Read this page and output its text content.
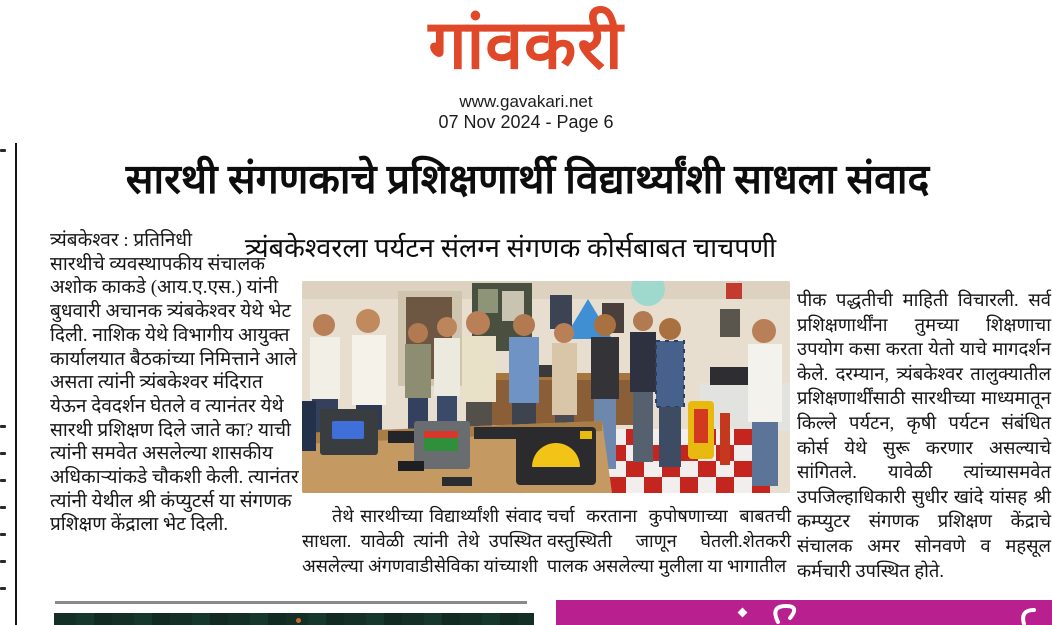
गांवकरी
www.gavakari.net
07 Nov 2024 - Page 6
सारथी संगणकाचे प्रशिक्षणार्थी विद्यार्थ्यांशी साधला संवाद
त्र्यंबकेश्वरला पर्यटन संलग्न संगणक कोर्सबाबत चाचपणी
त्र्यंबकेश्वर : प्रतिनिधी
सारथीचे व्यवस्थापकीय संचालक अशोक काकडे (आय.ए.एस.) यांनी बुधवारी अचानक त्र्यंबकेश्वर येथे भेट दिली. नाशिक येथे विभागीय आयुक्त कार्यालयात बैठकांच्या निमित्ताने आले असता त्यांनी त्र्यंबकेश्वर मंदिरात येऊन देवदर्शन घेतले व त्यानंतर येथे सारथी प्रशिक्षण दिले जाते का? याची त्यांनी समवेत असलेल्या शासकीय अधिकाऱ्यांकडे चौकशी केली. त्यानंतर त्यांनी येथील श्री कंप्युटर्स या संगणक प्रशिक्षण केंद्राला भेट दिली.	तेथे सारथीच्या विद्यार्थ्यांशी संवाद साधला. यावेळी त्यांनी तेथे उपस्थित असलेल्या अंगणवाडीसेविका यांच्याशी
चर्चा करताना कुपोषणाच्या बाबतची वस्तुस्थिती जाणून घेतली.शेतकरी पालक असलेल्या मुलीला या भागातील
पीक पद्धतीची माहिती विचारली. सर्व प्रशिक्षणार्थींना तुमच्या शिक्षणाचा उपयोग कसा करता येतो याचे मागदर्शन केले. दरम्यान, त्र्यंबकेश्वर तालुक्यातील प्रशिक्षणार्थींसाठी सारथीच्या माध्यमातून किल्ले पर्यटन, कृषी पर्यटन संबंधित कोर्स येथे सुरू करणार असल्याचे सांगितले. यावेळी त्यांच्यासमवेत उपजिल्हाधिकारी सुधीर खांदे यांसह श्री कम्प्युटर संगणक प्रशिक्षण केंद्राचे संचालक अमर सोनवणे व महसूल कर्मचारी उपस्थित होते.
